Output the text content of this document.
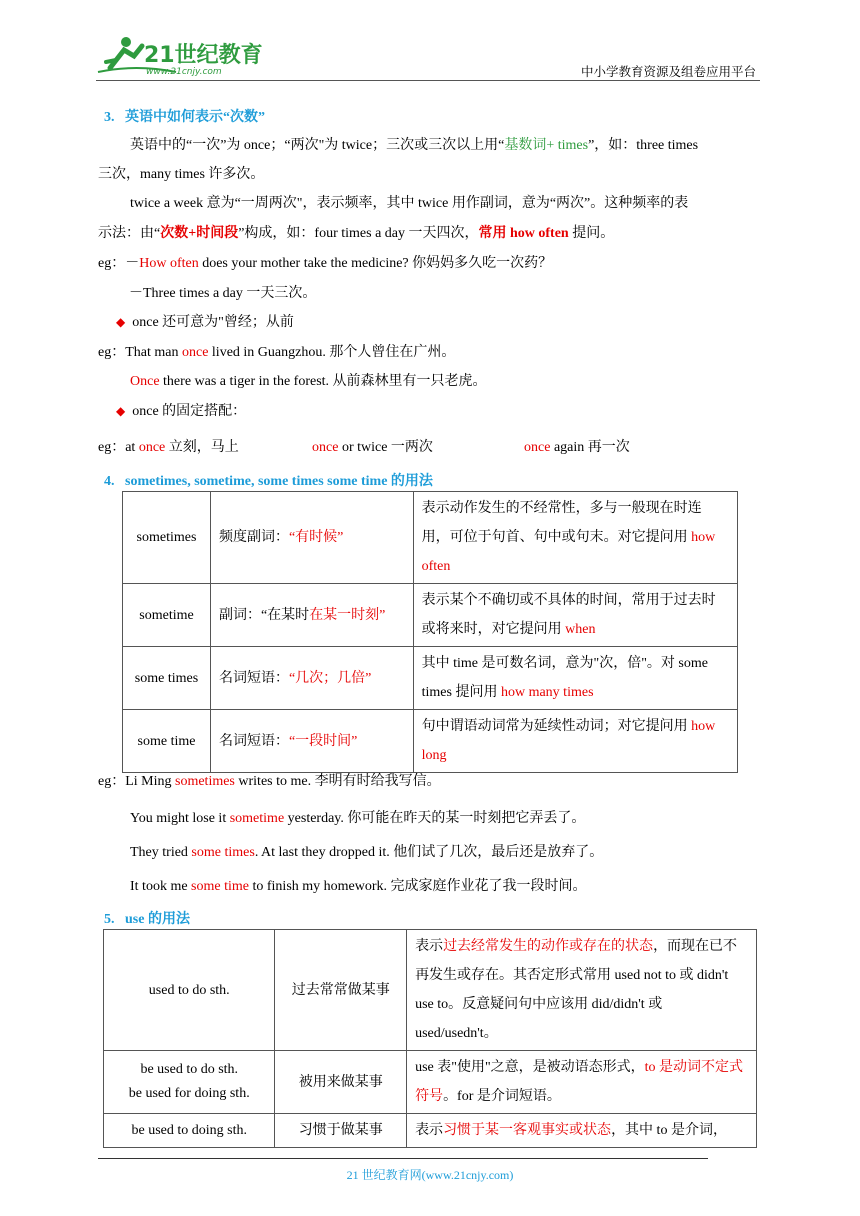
21世纪教育
www.21cnjy.com	中小学教育资源及组卷应用平台
3.   英语中如何表示“次数”
英语中的“一次”为 once；“两次"为 twice；三次或三次以上用“基数词+ times”，如：three times
三次，many times 许多次。
twice a week 意为“一周两次"，表示频率，其中 twice 用作副词，意为“两次”。这种频率的表
示法：由“次数+时间段”构成，如：four times a day 一天四次，常用 how often 提问。
eg：－How often does your mother take the medicine? 你妈妈多久吃一次药？
－Three times a day 一天三次。
◆ once 还可意为"曾经；从前
eg：That man once lived in Guangzhou. 那个人曾住在广州。
Once there was a tiger in the forest. 从前森林里有一只老虎。
◆ once 的固定搭配：
eg：at once 立刻，马上	once or twice 一两次	once again 再一次
4.   sometimes, sometime, some times some time 的用法
sometimes	频度副词：“有时候”	表示动作发生的不经常性，多与一般现在时连用，可位于句首、句中或句末。对它提问用 how often
sometime	副词：“在某时在某一时刻”	表示某个不确切或不具体的时间，常用于过去时或将来时，对它提问用 when
some times	名词短语：“几次；几倍”	其中 time 是可数名词，意为"次，倍"。对 some times 提问用 how many times
some time	名词短语：“一段时间”	句中谓语动词常为延续性动词；对它提问用 how long
eg：Li Ming sometimes writes to me. 李明有时给我写信。
You might lose it sometime yesterday. 你可能在昨天的某一时刻把它弄丢了。
They tried some times. At last they dropped it. 他们试了几次，最后还是放弃了。
It took me some time to finish my homework. 完成家庭作业花了我一段时间。
5.   use 的用法
used to do sth.	过去常常做某事	表示过去经常发生的动作或存在的状态，而现在已不再发生或存在。其否定形式常用 used not to 或 didn't use to。反意疑问句中应该用 did/didn't 或 used/usedn't。
be used to do sth.
be used for doing sth.	被用来做某事	use 表"使用"之意，是被动语态形式，to 是动词不定式符号。for 是介词短语。
be used to doing sth.	习惯于做某事	表示习惯于某一客观事实或状态，其中 to 是介词，
21 世纪教育网(www.21cnjy.com)
